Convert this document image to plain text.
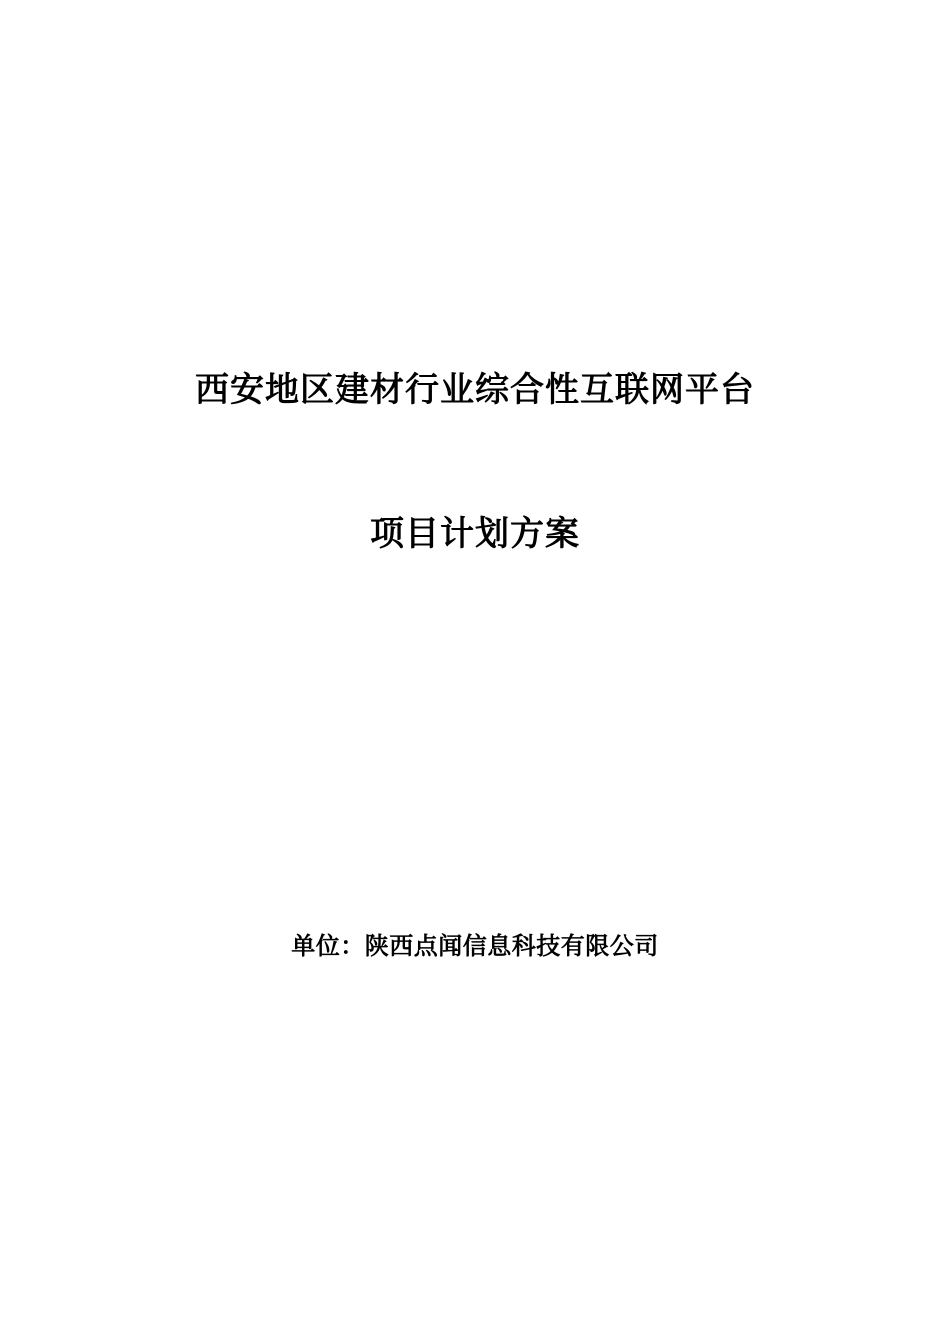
西安地区建材行业综合性互联网平台
项目计划方案
单位：陕西点闻信息科技有限公司
